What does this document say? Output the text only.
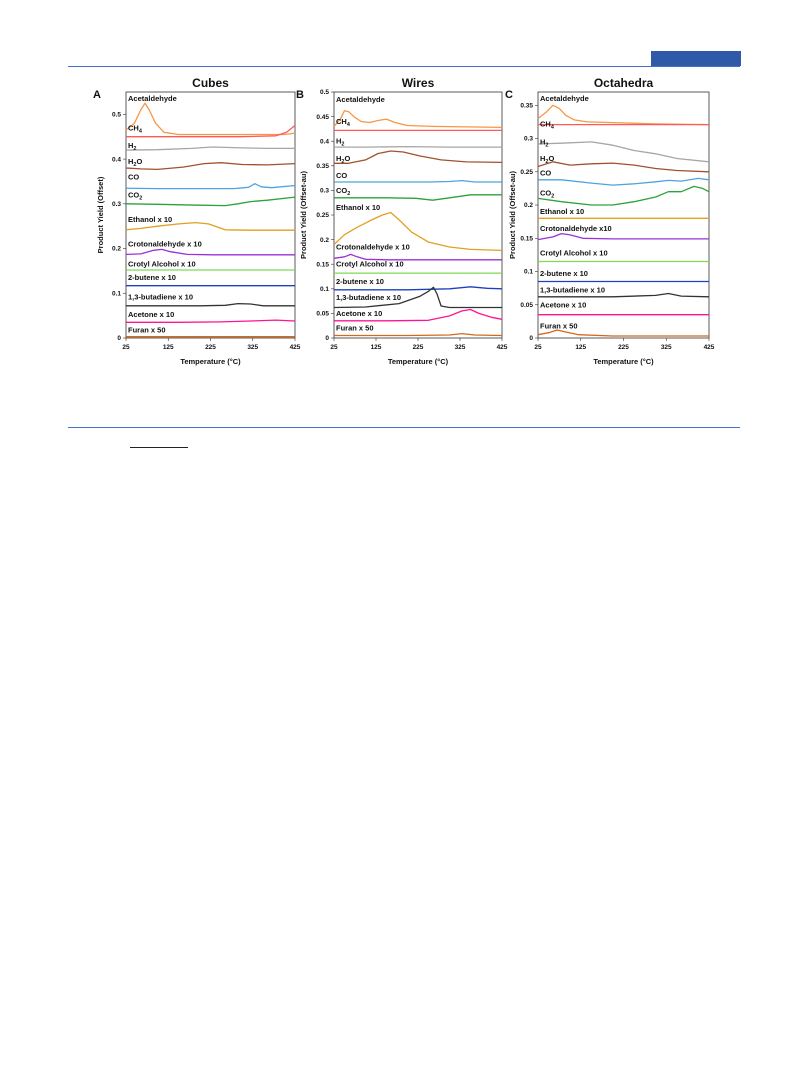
Cubes
A
0
0.1
0.2
0.3
0.4
0.5
25	125	225	325	425
Temperature (°C)
Product Yield (Offset)
Acetaldehyde
$CH_4$
$H_2$
$H_2O$
CO
$CO_2$
Ethanol x 10
Crotonaldehyde x 10
Crotyl Alcohol x 10
2-butene x 10
1,3-butadiene x 10
Acetone x 10
Furan x 50
Wires
B
0
0.05
0.1
0.15
0.2
0.25
0.3
0.35
0.4
0.45
0.5
25	125	225	325	425
Temperature (°C)
Product Yield (Offset-au)
Acetaldehyde
$CH_4$
$H_2$
$H_2O$
CO
$CO_2$
Ethanol x 10
Crotonaldehyde x 10
Crotyl Alcohol x 10
2-butene x 10
1,3-butadiene x 10
Acetone x 10
Furan x 50
Octahedra
C
0
0.05
0.1
0.15
0.2
0.25
0.3
0.35
25	125	225	325	425
Temperature (°C)
Product Yield (Offset-au)
Acetaldehyde
$CH_4$
$H_2$
$H_2O$
CO
$CO_2$
Ethanol x 10
Crotonaldehyde x10
Crotyl Alcohol x 10
2-butene x 10
1,3-butadiene x 10
Acetone x 10
Furan x 50
